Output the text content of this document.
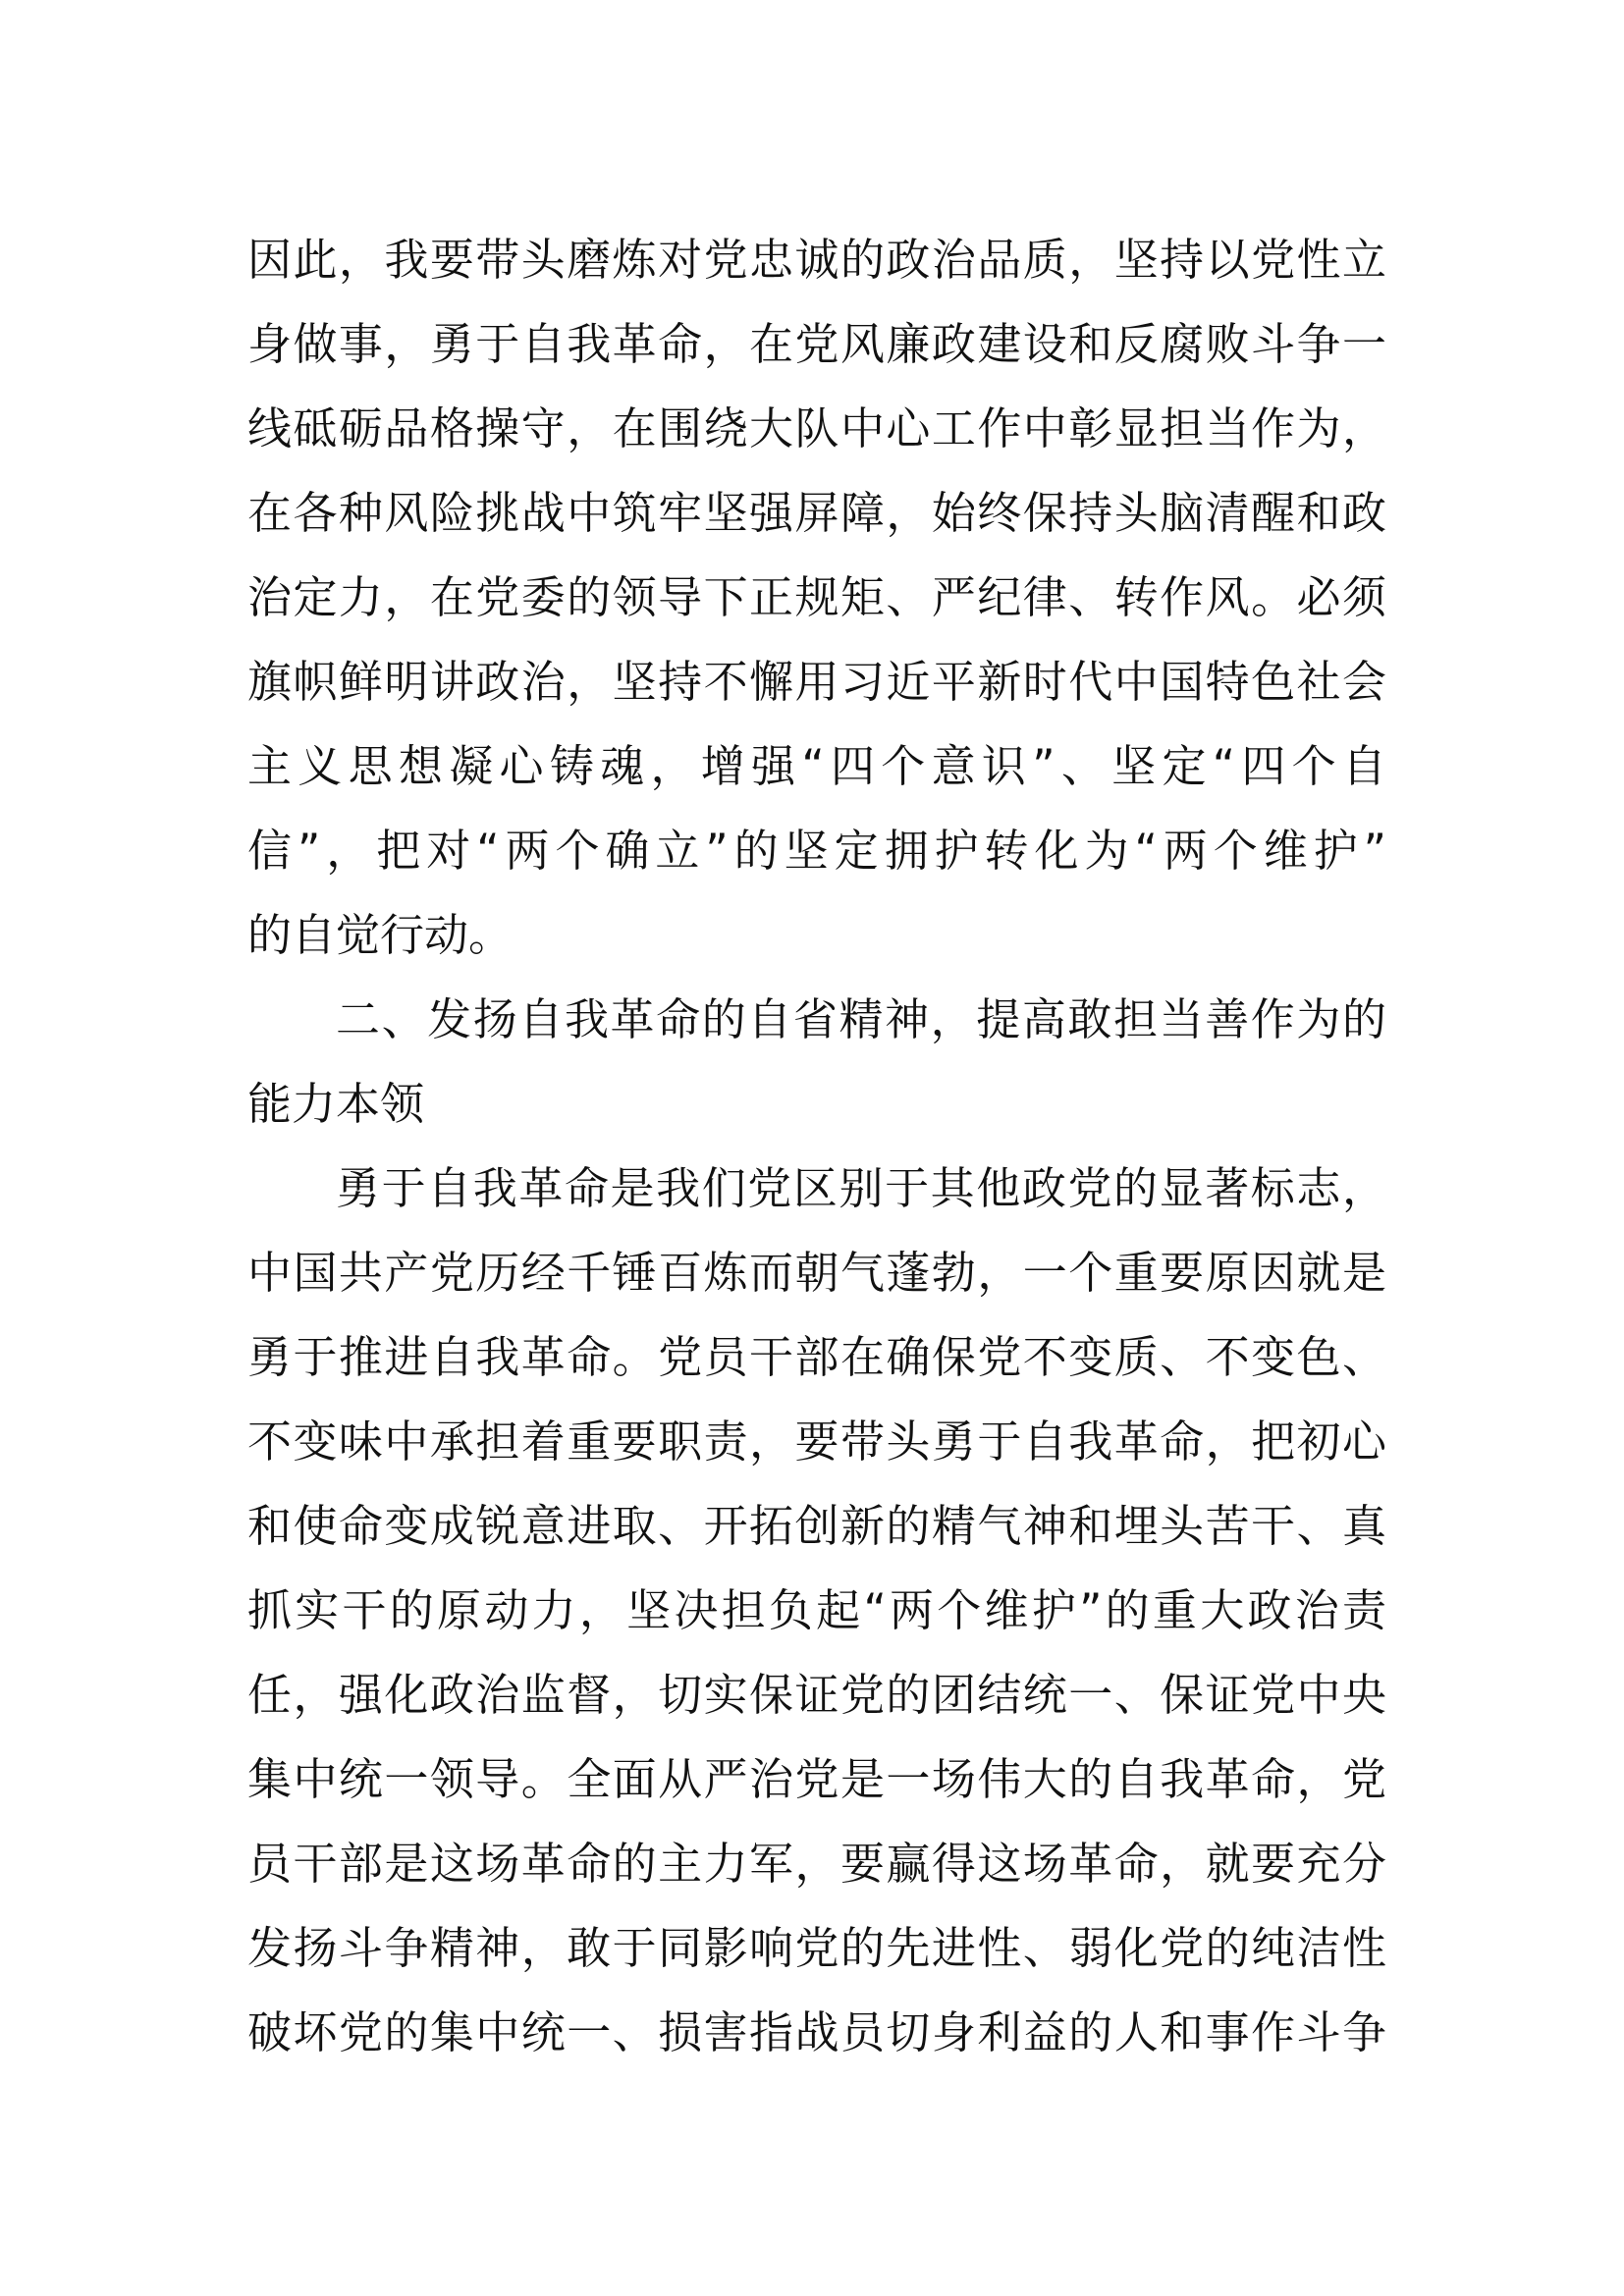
因此，我要带头磨炼对党忠诚的政治品质，坚持以党性立
身做事，勇于自我革命，在党风廉政建设和反腐败斗争一
线砥砺品格操守，在围绕大队中心工作中彰显担当作为，
在各种风险挑战中筑牢坚强屏障，始终保持头脑清醒和政
治定力，在党委的领导下正规矩、严纪律、转作风。必须
旗帜鲜明讲政治，坚持不懈用习近平新时代中国特色社会
主义思想凝心铸魂，增强“四个意识”、坚定“四个自
信”，把对“两个确立”的坚定拥护转化为“两个维护”
的自觉行动。
二、发扬自我革命的自省精神，提高敢担当善作为的
能力本领
勇于自我革命是我们党区别于其他政党的显著标志，
中国共产党历经千锤百炼而朝气蓬勃，一个重要原因就是
勇于推进自我革命。党员干部在确保党不变质、不变色、
不变味中承担着重要职责，要带头勇于自我革命，把初心
和使命变成锐意进取、开拓创新的精气神和埋头苦干、真
抓实干的原动力，坚决担负起“两个维护”的重大政治责
任，强化政治监督，切实保证党的团结统一、保证党中央
集中统一领导。全面从严治党是一场伟大的自我革命，党
员干部是这场革命的主力军，要赢得这场革命，就要充分
发扬斗争精神，敢于同影响党的先进性、弱化党的纯洁性
破坏党的集中统一、损害指战员切身利益的人和事作斗争
